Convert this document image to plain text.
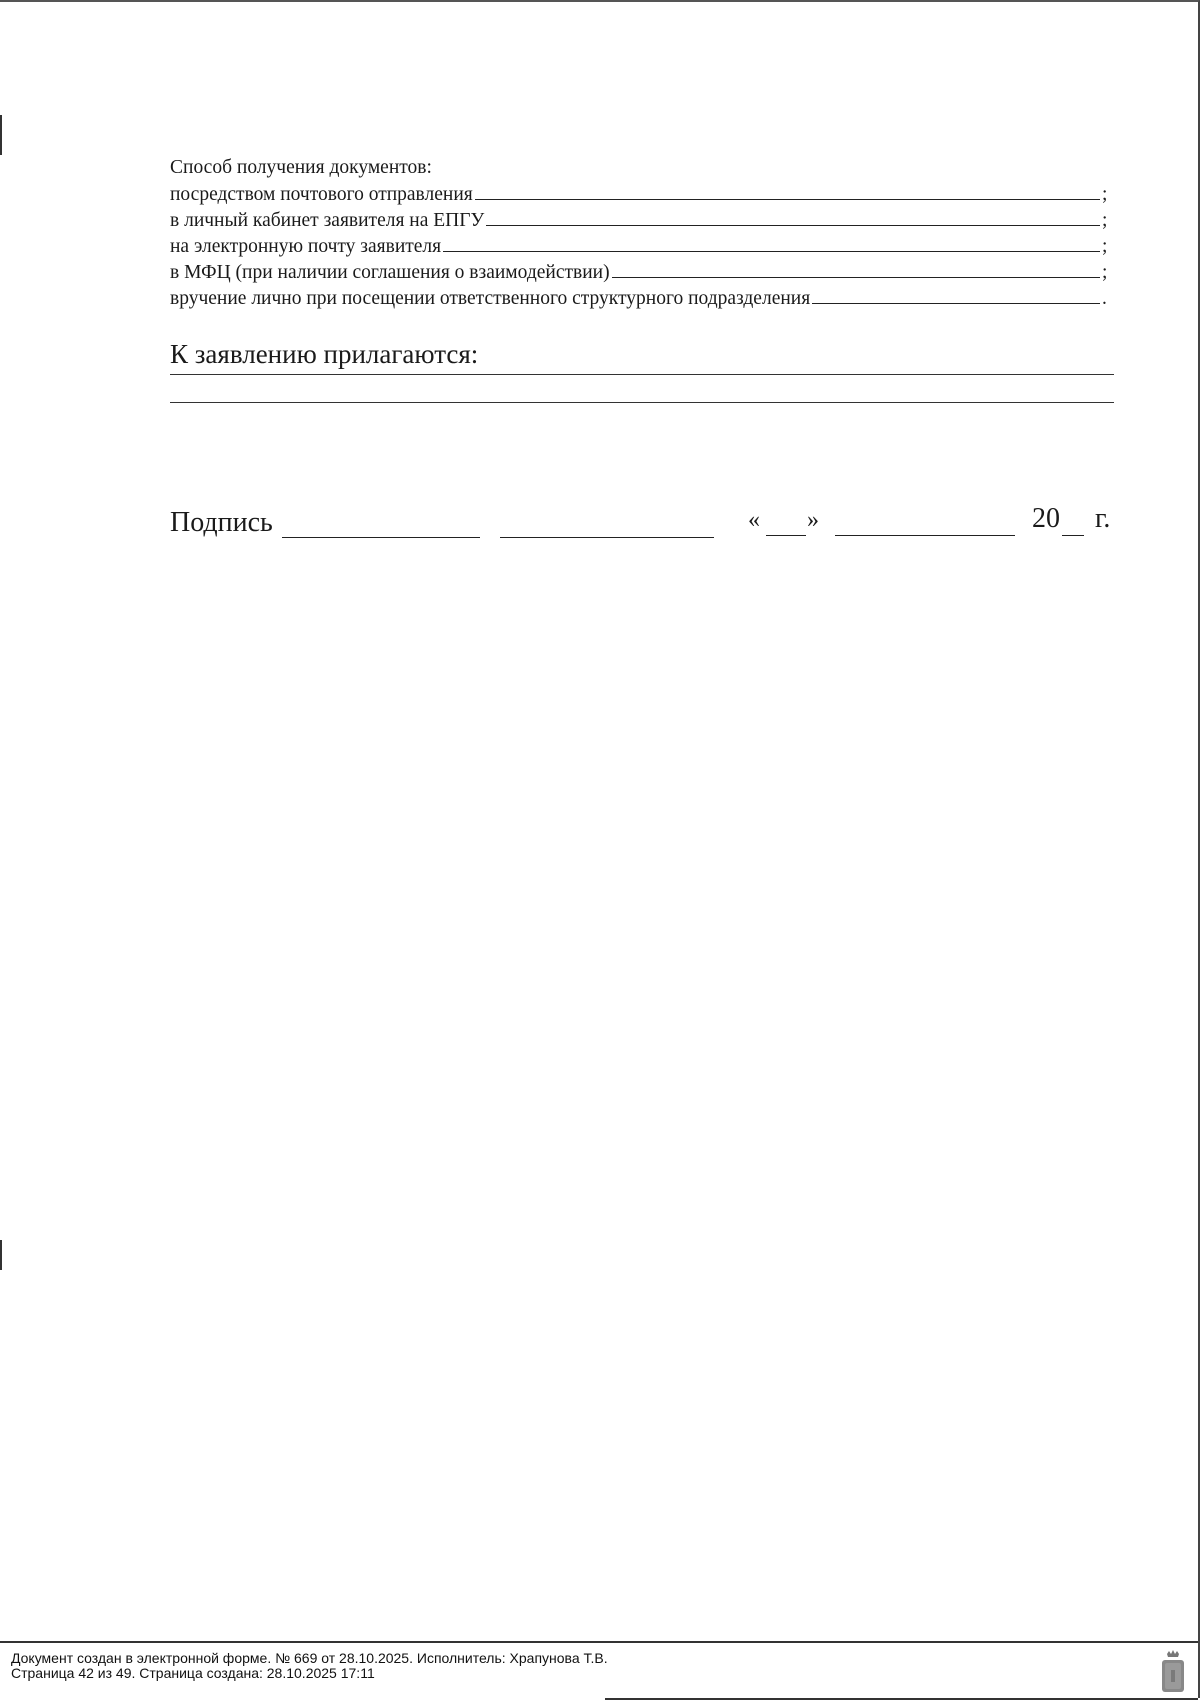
Способ получения документов:
посредством почтового отправления	;
в личный кабинет заявителя на ЕПГУ	;
на электронную почту заявителя	;
в МФЦ (при наличии соглашения о взаимодействии)	;
вручение лично при посещении ответственного структурного подразделения	.
К заявлению прилагаются:
Подпись	« »	20 г.
Документ создан в электронной форме. № 669 от 28.10.2025. Исполнитель: Храпунова Т.В.
Страница 42 из 49. Страница создана: 28.10.2025 17:11
